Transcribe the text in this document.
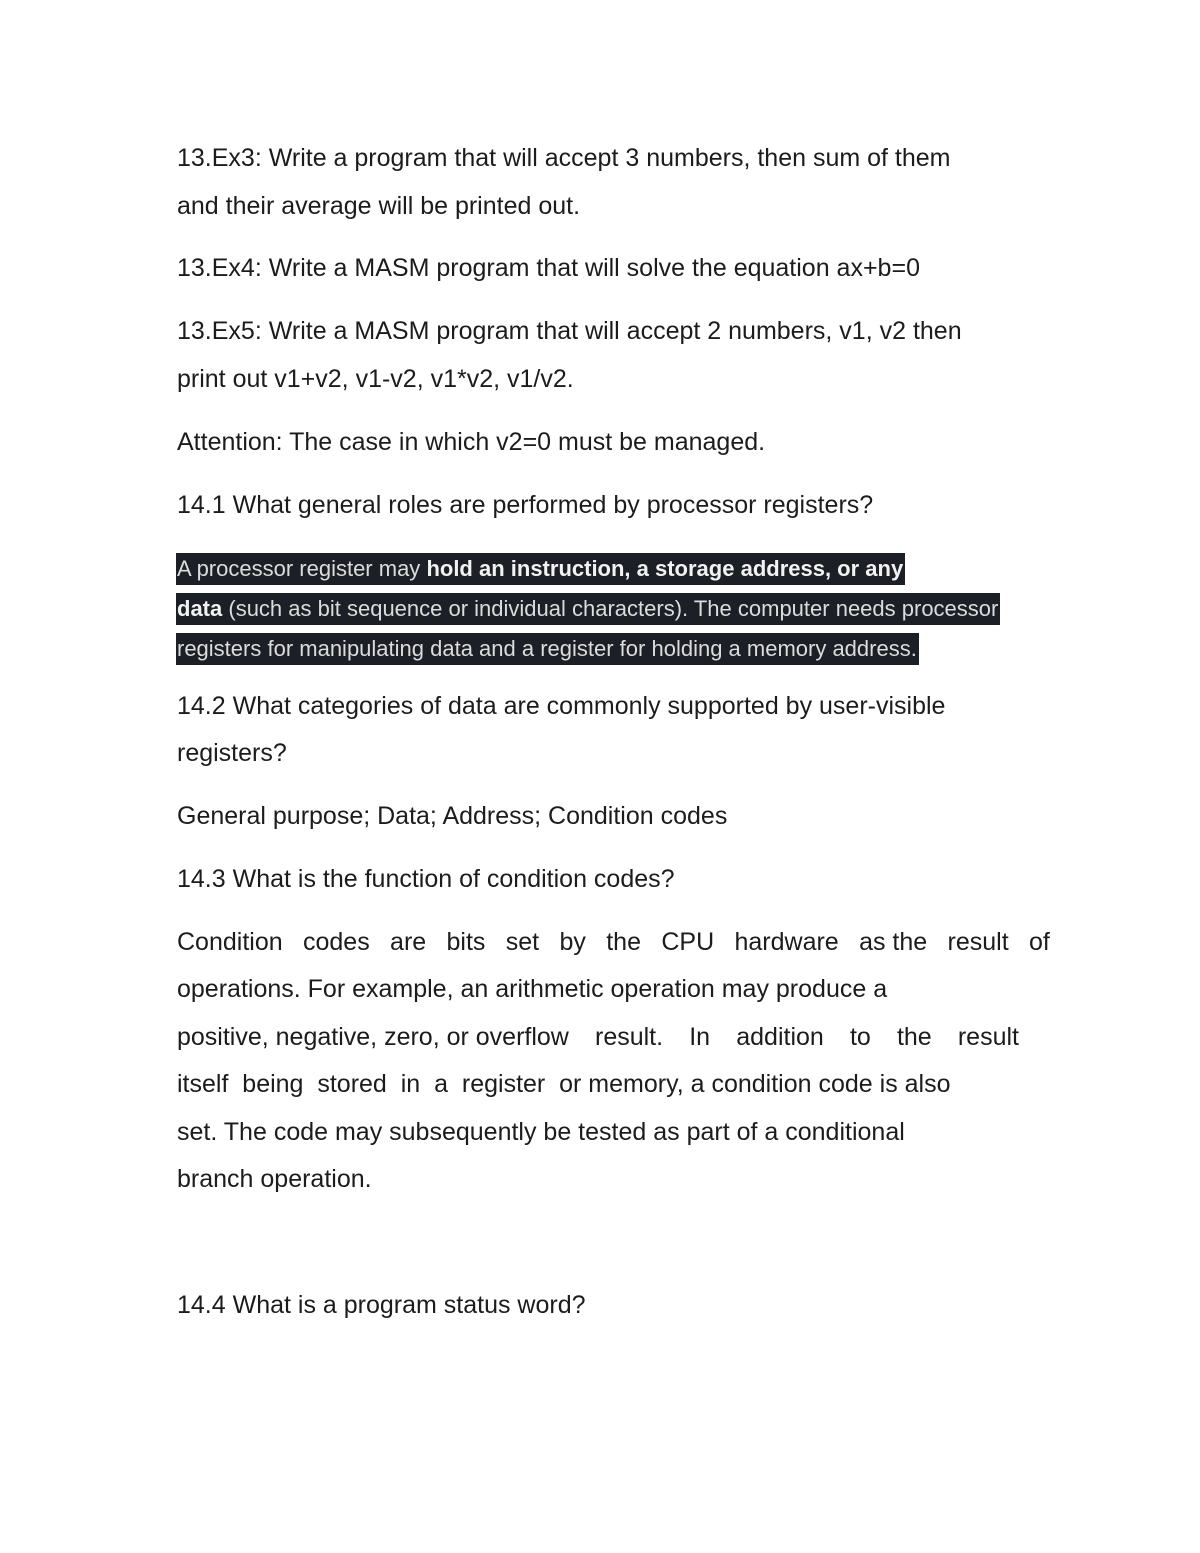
13.Ex3: Write a program that will accept 3 numbers, then sum of them

and their average will be printed out.

13.Ex4: Write a MASM program that will solve the equation ax+b=0

13.Ex5: Write a MASM program that will accept 2 numbers, v1, v2 then

print out v1+v2, v1-v2, v1*v2, v1/v2.

Attention: The case in which v2=0 must be managed.

14.1 What general roles are performed by processor registers?

A processor register may hold an instruction, a storage address, or any

data (such as bit sequence or individual characters). The computer needs processor

registers for manipulating data and a register for holding a memory address.

14.2 What categories of data are commonly supported by user-visible

registers?

General purpose; Data; Address; Condition codes

14.3 What is the function of condition codes?

Condition codes are bits set by the CPU hardware as the result of

operations. For example, an arithmetic operation may produce a

positive, negative, zero, or overflow result. In addition to the result

itself  being  stored  in  a  register  or memory, a condition code is also

set. The code may subsequently be tested as part of a conditional

branch operation.

14.4 What is a program status word?
